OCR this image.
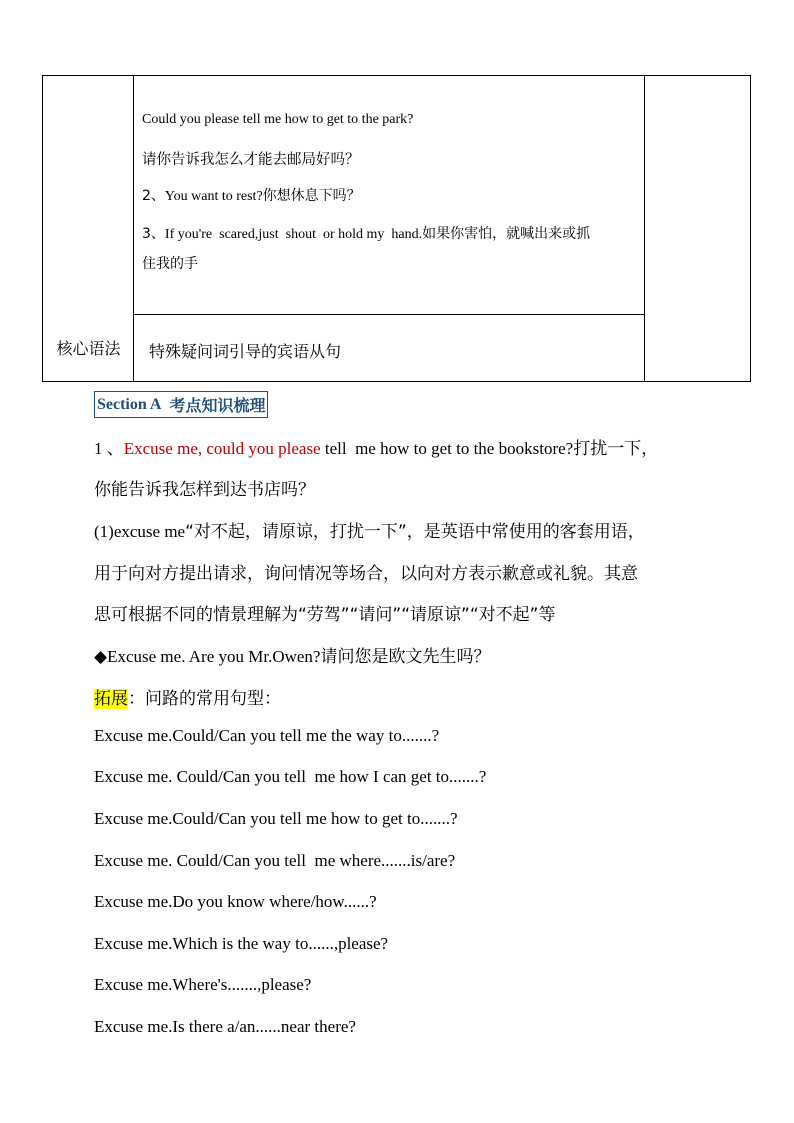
Could you please tell me how to get to the park?
请你告诉我怎么才能去邮局好吗？
2、You want to rest?你想休息下吗？
3、If you're  scared,just  shout  or hold my  hand.如果你害怕，就喊出来或抓
住我的手
核心语法	特殊疑问词引导的宾语从句
Section A 考点知识梳理
1 、Excuse me, could you please tell  me how to get to the bookstore?打扰一下，
你能告诉我怎样到达书店吗？
(1)excuse me“对不起，请原谅，打扰一下”，是英语中常使用的客套用语，
用于向对方提出请求，询问情况等场合，以向对方表示歉意或礼貌。其意
思可根据不同的情景理解为“劳驾”“请问”“请原谅”“对不起”等
◆Excuse me. Are you Mr.Owen?请问您是欧文先生吗？
拓展：问路的常用句型：
Excuse me.Could/Can you tell me the way to.......?
Excuse me. Could/Can you tell  me how I can get to.......?
Excuse me.Could/Can you tell me how to get to.......?
Excuse me. Could/Can you tell  me where.......is/are?
Excuse me.Do you know where/how......?
Excuse me.Which is the way to......,please?
Excuse me.Where's.......,please?
Excuse me.Is there a/an......near there?
